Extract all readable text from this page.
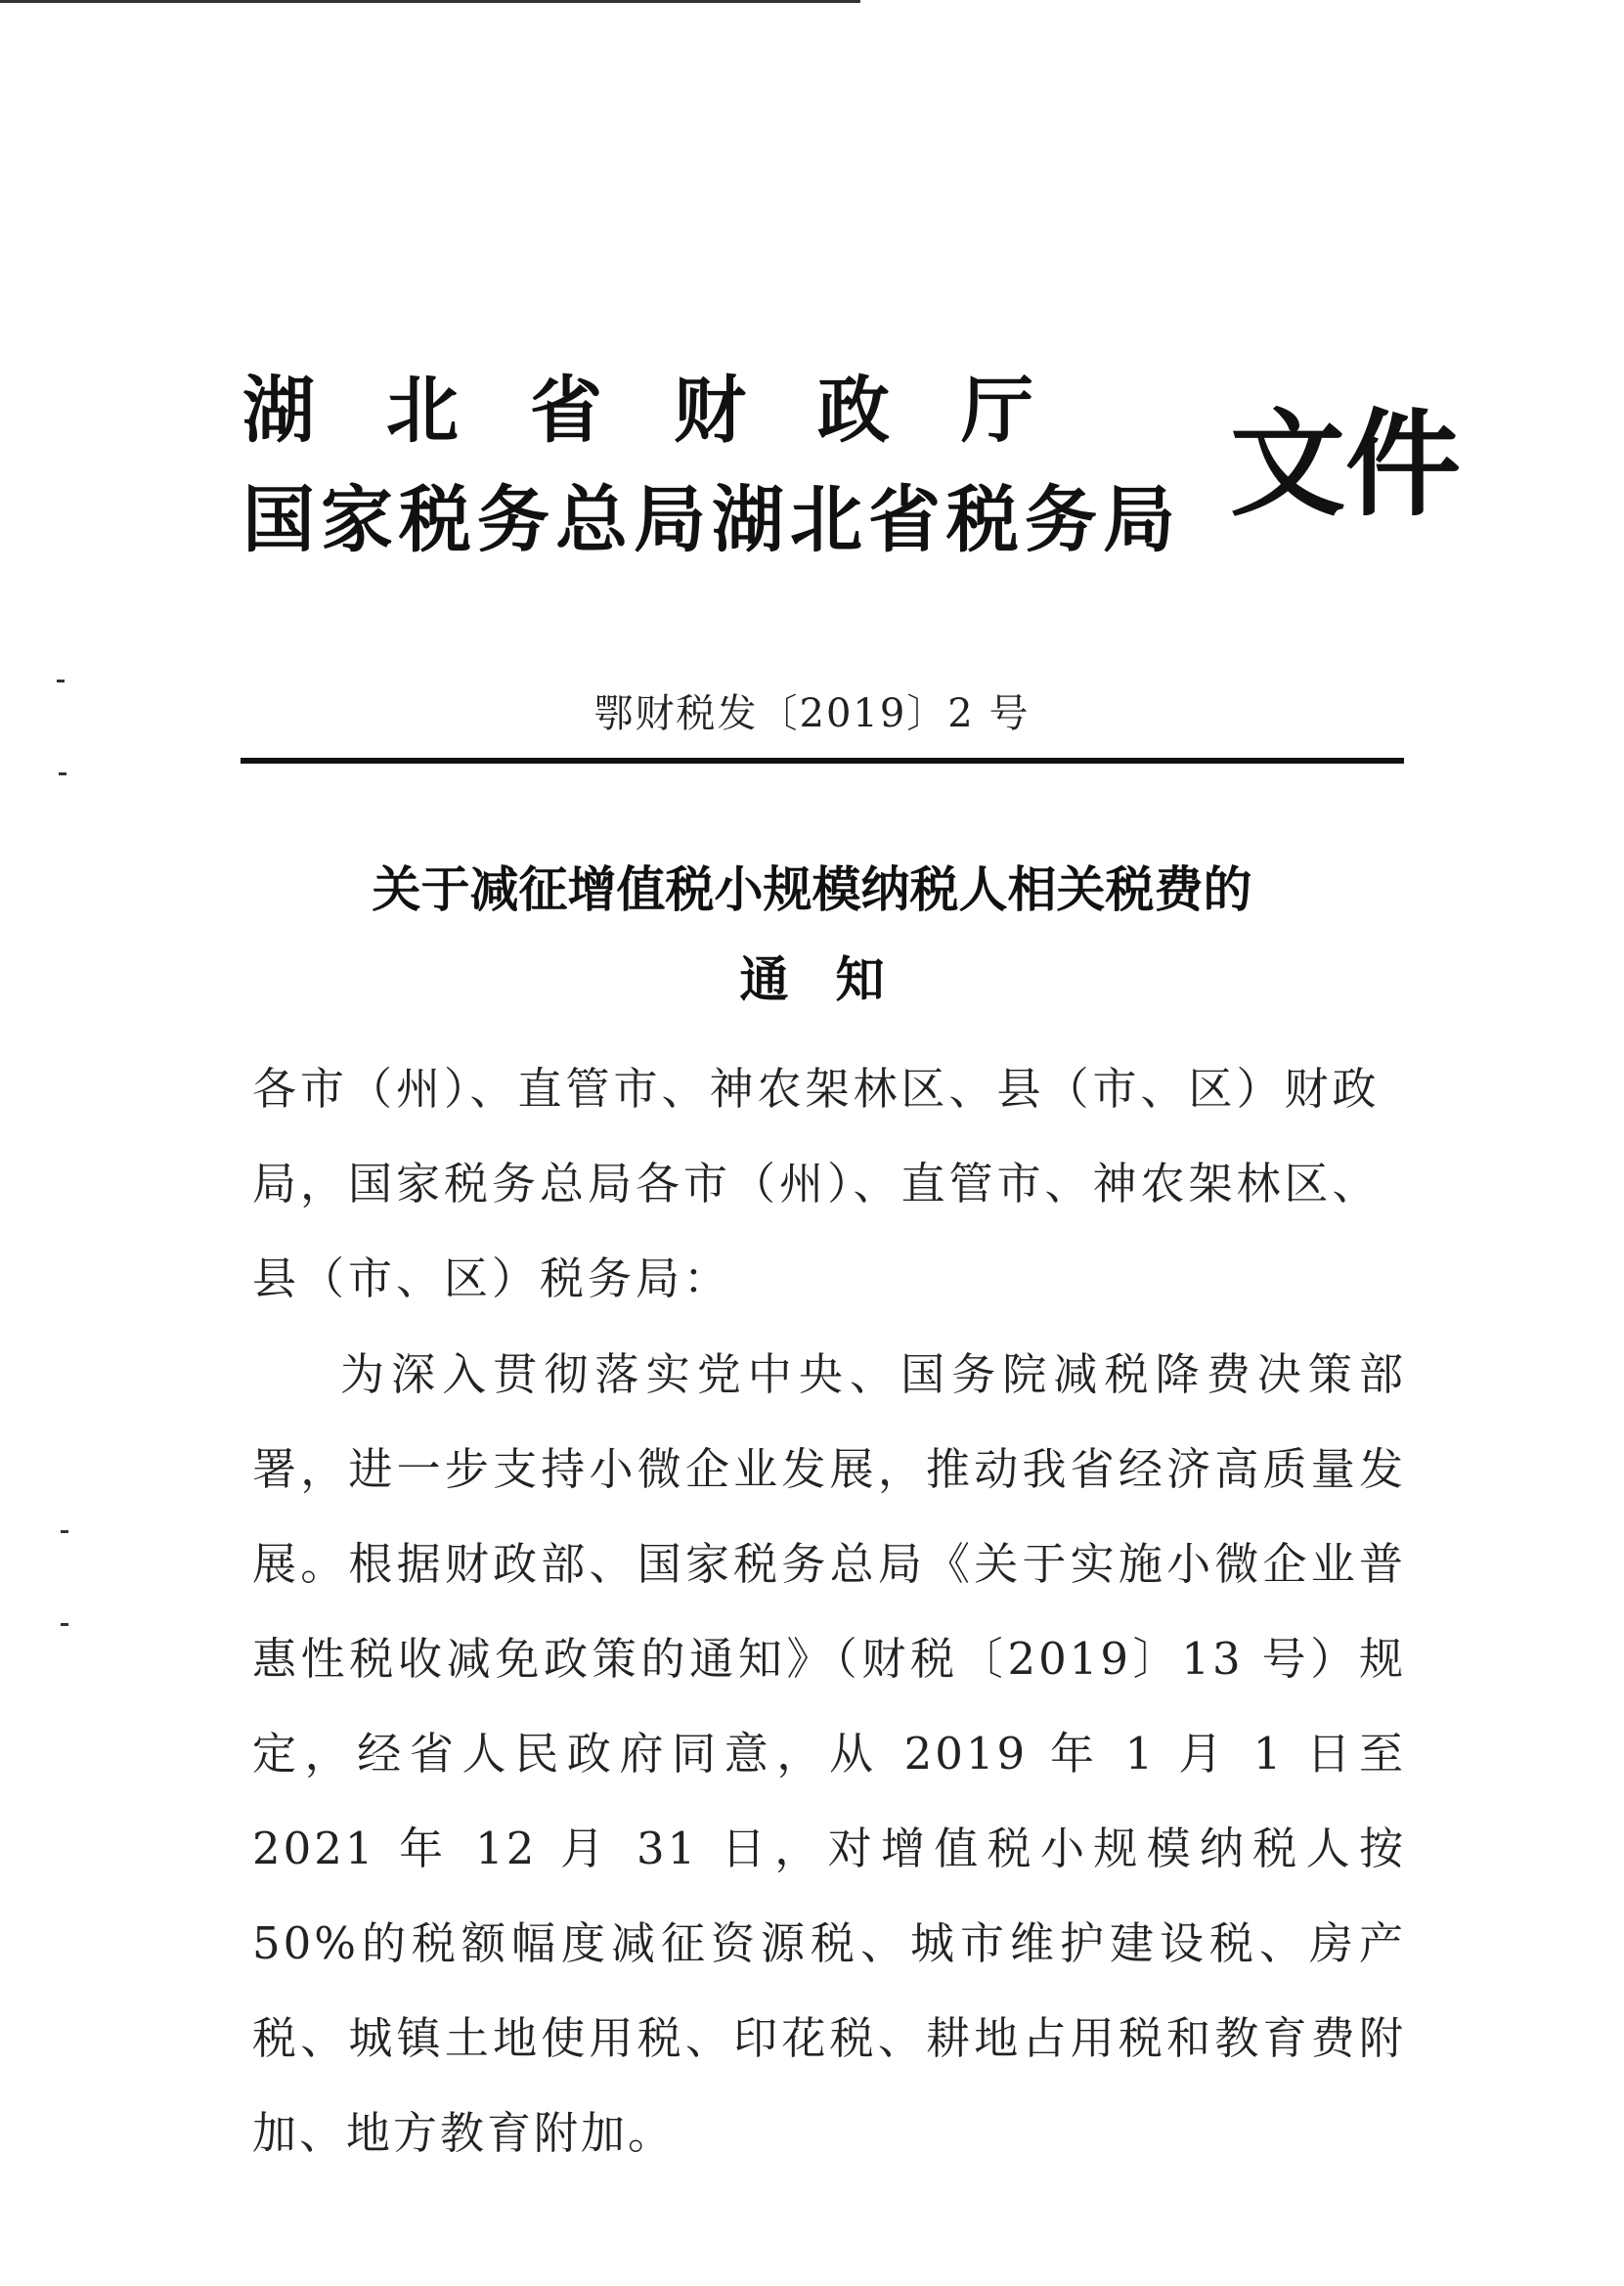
湖北省财政厅
国家税务总局湖北省税务局 文件
鄂财税发〔2019〕2 号
关于减征增值税小规模纳税人相关税费的
通知
各市（州）、直管市、神农架林区、县（市、区）财政局，国家税务总局各市（州）、直管市、神农架林区、县（市、区）税务局：
为深入贯彻落实党中央、国务院减税降费决策部署，进一步支持小微企业发展，推动我省经济高质量发展。根据财政部、国家税务总局《关于实施小微企业普惠性税收减免政策的通知》（财税〔2019〕13 号）规定，经省人民政府同意，从 2019 年 1 月 1 日至 2021 年 12 月 31 日，对增值税小规模纳税人按 50%的税额幅度减征资源税、城市维护建设税、房产税、城镇土地使用税、印花税、耕地占用税和教育费附加、地方教育附加。
